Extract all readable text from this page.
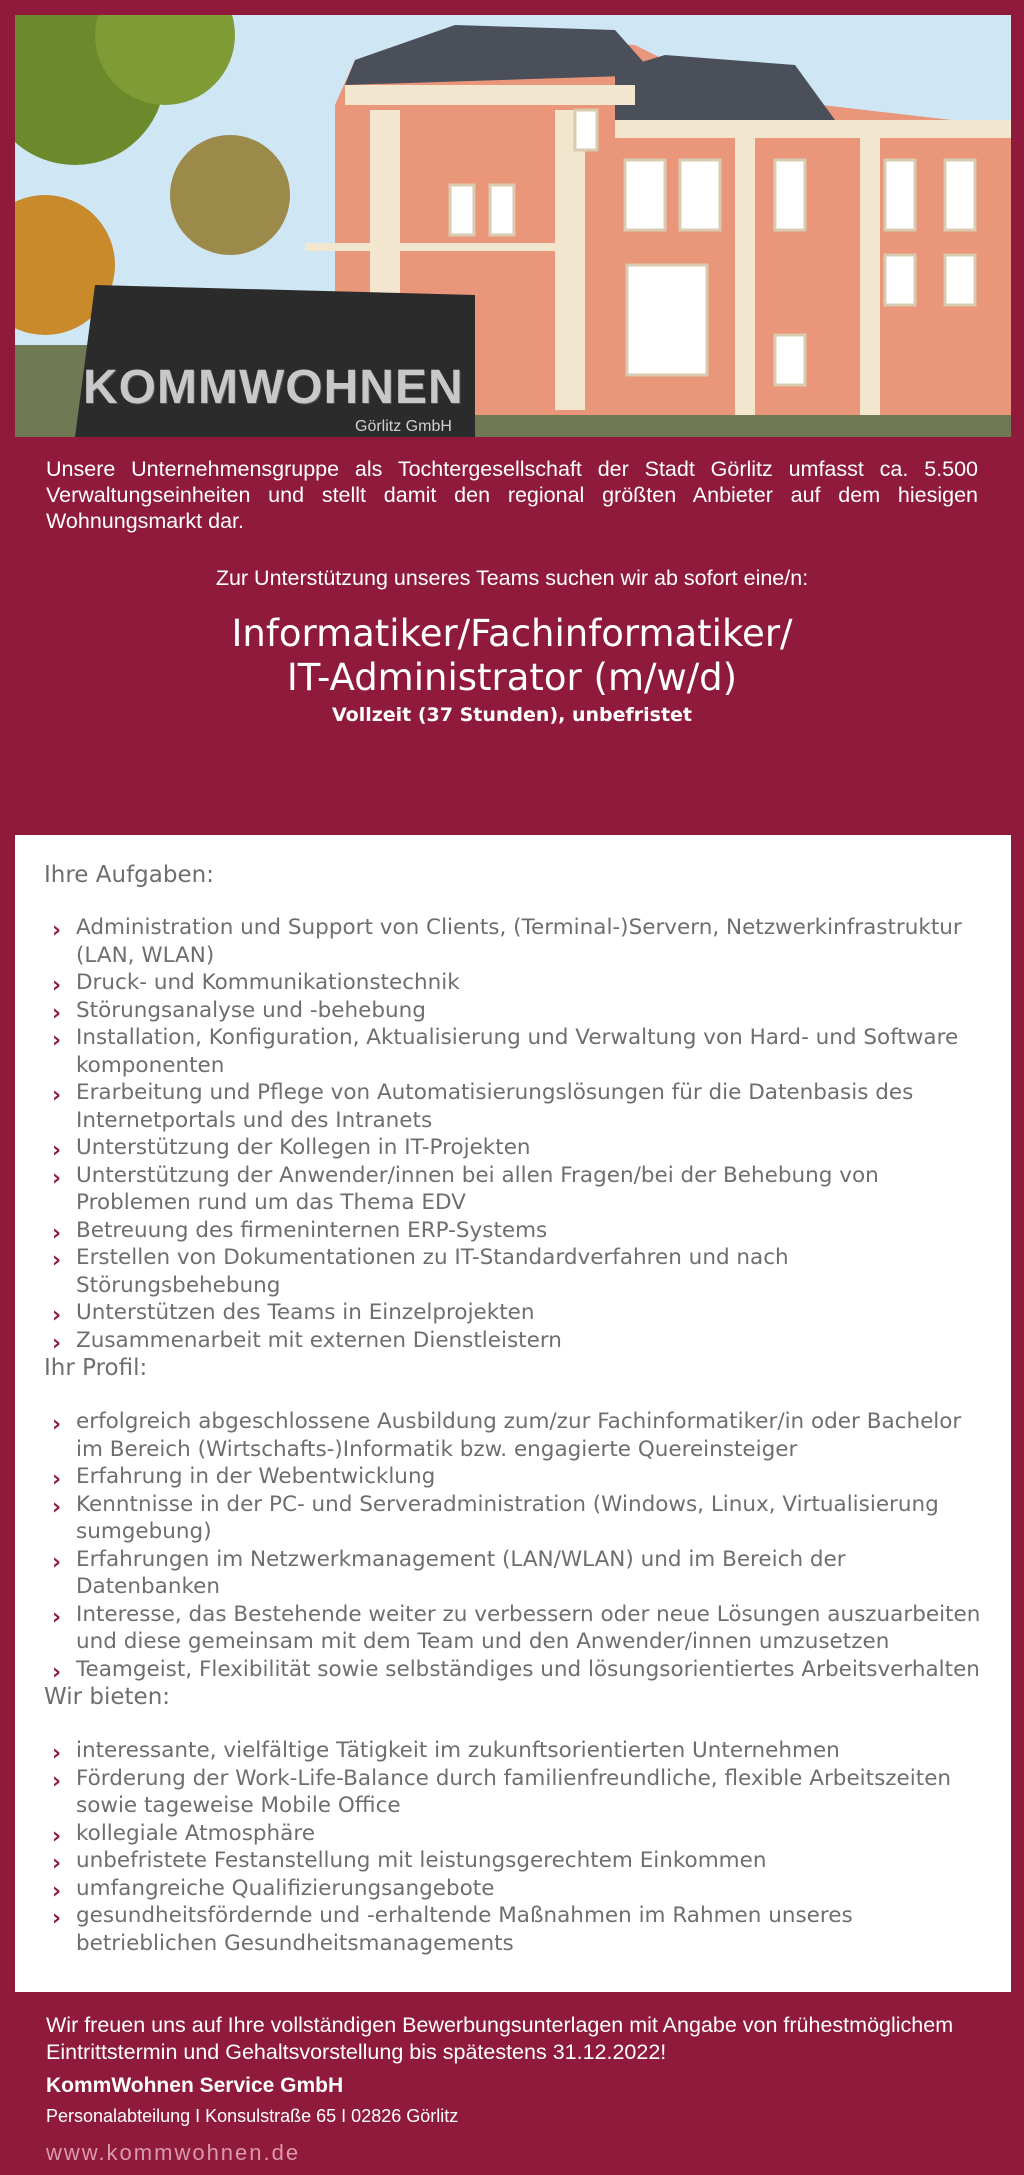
KOMMWOHNEN
Görlitz GmbH
Unsere Unternehmensgruppe als Tochtergesellschaft der Stadt Görlitz umfasst ca. 5.500 Verwaltungseinheiten und stellt damit den regional größten Anbieter auf dem hiesigen Wohnungsmarkt dar.
Zur Unterstützung unseres Teams suchen wir ab sofort eine/n:
Informatiker/Fachinformatiker/
IT-Administrator (m/w/d)
Vollzeit (37 Stunden), unbefristet
Ihre Aufgaben:
› Administration und Support von Clients, (Terminal-)Servern, Netzwerkinfrastruktur (LAN, WLAN)
› Druck- und Kommunikationstechnik
› Störungsanalyse und -behebung
› Installation, Konfiguration, Aktualisierung und Verwaltung von Hard- und Software komponenten
› Erarbeitung und Pflege von Automatisierungslösungen für die Datenbasis des Internetportals und des Intranets
› Unterstützung der Kollegen in IT-Projekten
› Unterstützung der Anwender/innen bei allen Fragen/bei der Behebung von Problemen rund um das Thema EDV
› Betreuung des firmeninternen ERP-Systems
› Erstellen von Dokumentationen zu IT-Standardverfahren und nach Störungsbehebung
› Unterstützen des Teams in Einzelprojekten
› Zusammenarbeit mit externen Dienstleistern
Ihr Profil:
› erfolgreich abgeschlossene Ausbildung zum/zur Fachinformatiker/in oder Bachelor im Bereich (Wirtschafts-)Informatik bzw. engagierte Quereinsteiger
› Erfahrung in der Webentwicklung
› Kenntnisse in der PC- und Serveradministration (Windows, Linux, Virtualisierung sumgebung)
› Erfahrungen im Netzwerkmanagement (LAN/WLAN) und im Bereich der Datenbanken
› Interesse, das Bestehende weiter zu verbessern oder neue Lösungen auszuarbeiten und diese gemeinsam mit dem Team und den Anwender/innen umzusetzen
› Teamgeist, Flexibilität sowie selbständiges und lösungsorientiertes Arbeitsverhalten
Wir bieten:
› interessante, vielfältige Tätigkeit im zukunftsorientierten Unternehmen
› Förderung der Work-Life-Balance durch familienfreundliche, flexible Arbeitszeiten sowie tageweise Mobile Office
› kollegiale Atmosphäre
› unbefristete Festanstellung mit leistungsgerechtem Einkommen
› umfangreiche Qualifizierungsangebote
› gesundheitsfördernde und -erhaltende Maßnahmen im Rahmen unseres betrieblichen Gesundheitsmanagements
Wir freuen uns auf Ihre vollständigen Bewerbungsunterlagen mit Angabe von frühestmöglichem Eintrittstermin und Gehaltsvorstellung bis spätestens 31.12.2022!
KommWohnen Service GmbH
Personalabteilung I Konsulstraße 65 I 02826 Görlitz
www.kommwohnen.de
